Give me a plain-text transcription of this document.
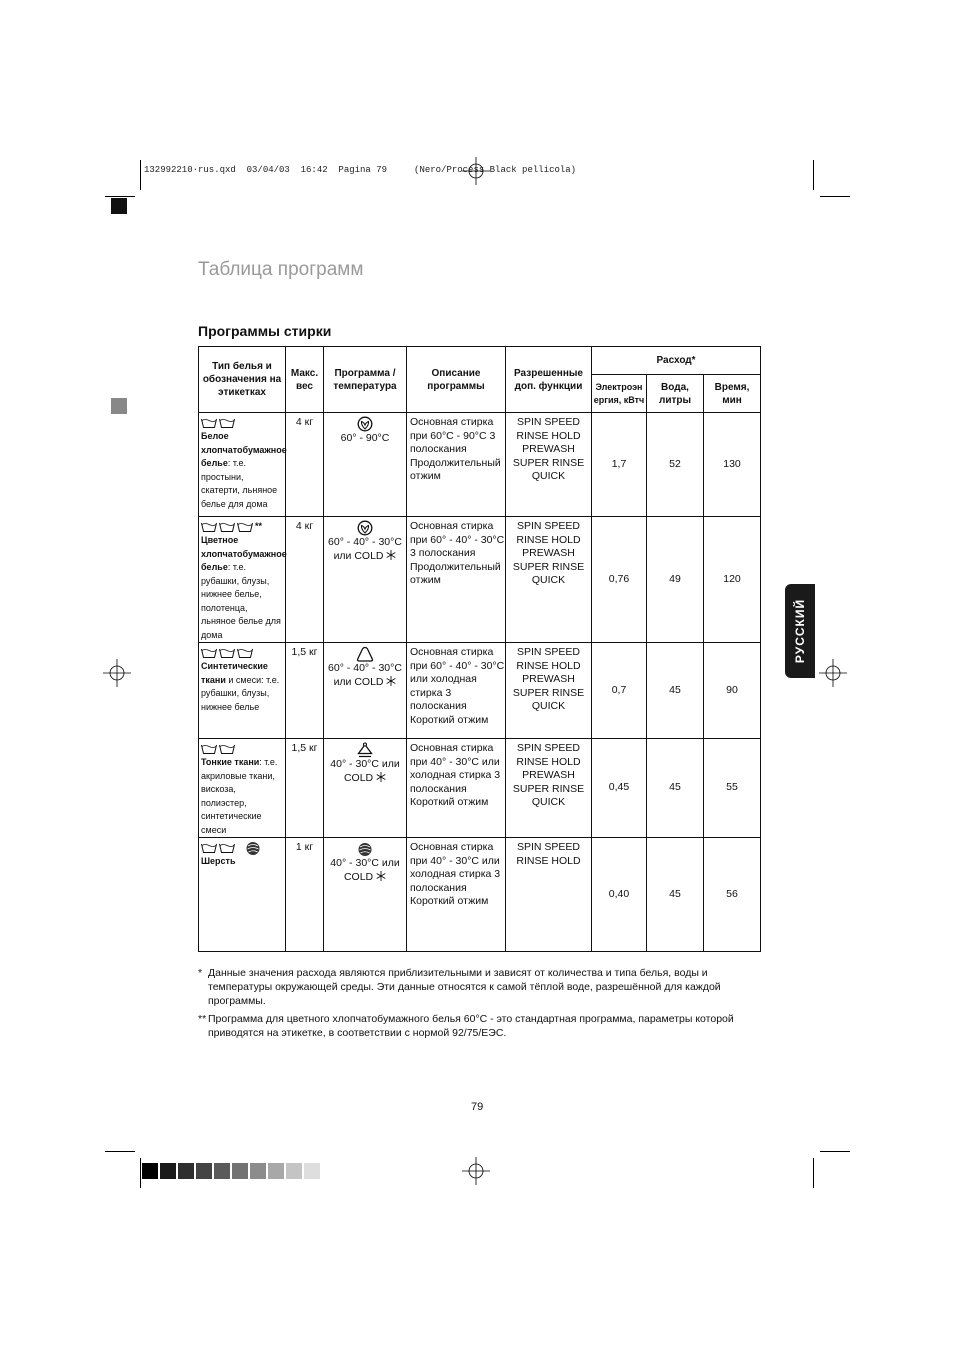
132992210·rus.qxd  03/04/03  16:42  Pagina 79     (Nero/Process Black pellicola)
Таблица программ
Программы стирки
Тип белья и обозначения на этикетках	Макс. вес	Программа / температура	Описание программы	Разрешенные доп. функции	Расход*		
					Электроэн ергия, кВтч	Вода, литры	Время, мин

Белое хлопчатобумажное белье: т.е. простыни, скатерти, льняное белье для дома	4 кг	60° - 90°C	Основная стирка при 60°C - 90°C 3 полоскания Продолжительный отжим	SPIN SPEED RINSE HOLD PREWASH SUPER RINSE QUICK	1,7	52	130

**
Цветное хлопчатобумажное белье: т.е. рубашки, блузы, нижнее белье, полотенца, льняное белье для дома	4 кг	60° - 40° - 30°C или COLD	Основная стирка при 60° - 40° - 30°C 3 полоскания Продолжительный отжим	SPIN SPEED RINSE HOLD PREWASH SUPER RINSE QUICK	0,76	49	120

Синтетические ткани и смеси: т.е. рубашки, блузы, нижнее белье	1,5 кг	60° - 40° - 30°C или COLD	Основная стирка при 60° - 40° - 30°C или холодная стирка 3 полоскания Короткий отжим	SPIN SPEED RINSE HOLD PREWASH SUPER RINSE QUICK	0,7	45	90

Тонкие ткани: т.е. акриловые ткани, вискоза, полиэстер, синтетические смеси	1,5 кг	40° - 30°C или COLD	Основная стирка при 40° - 30°C или холодная стирка 3 полоскания Короткий отжим	SPIN SPEED RINSE HOLD PREWASH SUPER RINSE QUICK	0,45	45	55

Шерсть	1 кг	40° - 30°C или COLD	Основная стирка при 40° - 30°C или холодная стирка 3 полоскания Короткий отжим	SPIN SPEED RINSE HOLD	0,40	45	56
РУССКИЙ
* Данные значения расхода являются приблизительными и зависят от количества и типа белья, воды и температуры окружающей среды. Эти данные относятся к самой тёплой воде, разрешённой для каждой программы.
** Программа для цветного хлопчатобумажного белья 60°C - это стандартная программа, параметры которой приводятся на этикетке, в соответствии с нормой 92/75/ЕЭС.
79
